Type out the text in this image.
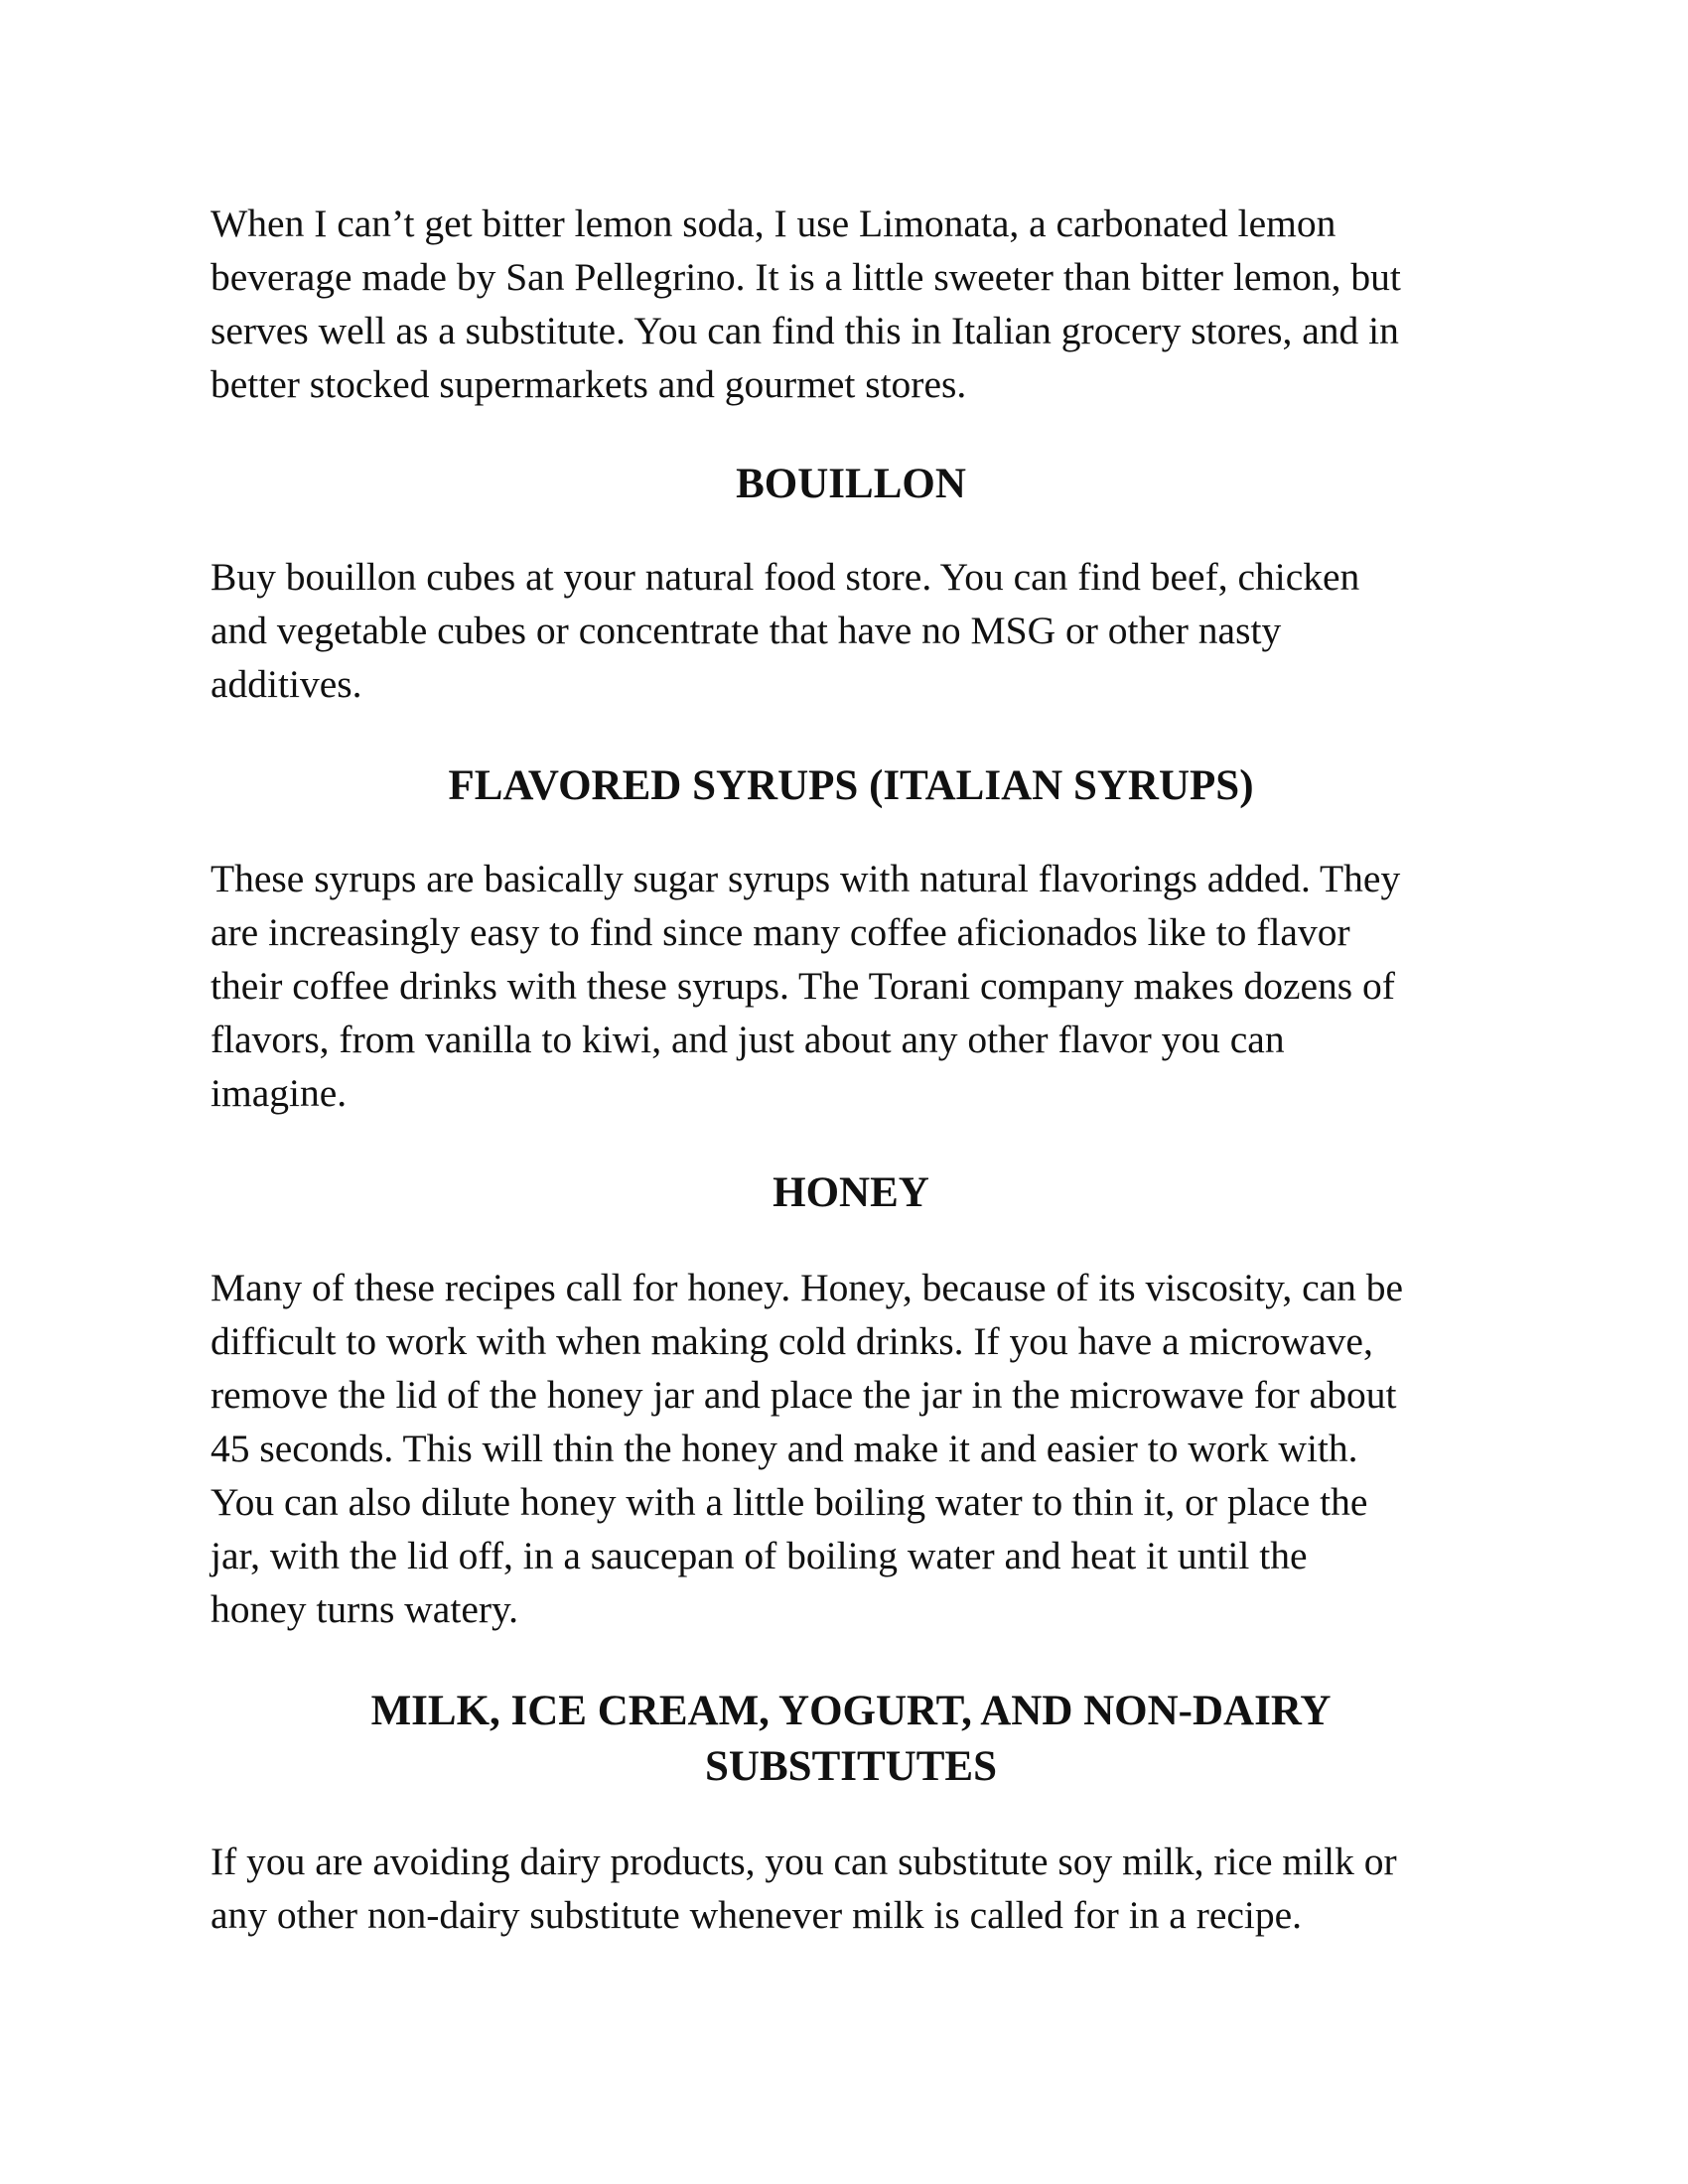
When I can’t get bitter lemon soda, I use Limonata, a carbonated lemon
beverage made by San Pellegrino. It is a little sweeter than bitter lemon, but
serves well as a substitute. You can find this in Italian grocery stores, and in
better stocked supermarkets and gourmet stores.

BOUILLON

Buy bouillon cubes at your natural food store. You can find beef, chicken
and vegetable cubes or concentrate that have no MSG or other nasty
additives.

FLAVORED SYRUPS (ITALIAN SYRUPS)

These syrups are basically sugar syrups with natural flavorings added. They
are increasingly easy to find since many coffee aficionados like to flavor
their coffee drinks with these syrups. The Torani company makes dozens of
flavors, from vanilla to kiwi, and just about any other flavor you can
imagine.

HONEY

Many of these recipes call for honey. Honey, because of its viscosity, can be
difficult to work with when making cold drinks. If you have a microwave,
remove the lid of the honey jar and place the jar in the microwave for about
45 seconds. This will thin the honey and make it and easier to work with.
You can also dilute honey with a little boiling water to thin it, or place the
jar, with the lid off, in a saucepan of boiling water and heat it until the
honey turns watery.

MILK, ICE CREAM, YOGURT, AND NON-DAIRY
SUBSTITUTES

If you are avoiding dairy products, you can substitute soy milk, rice milk or
any other non-dairy substitute whenever milk is called for in a recipe.
